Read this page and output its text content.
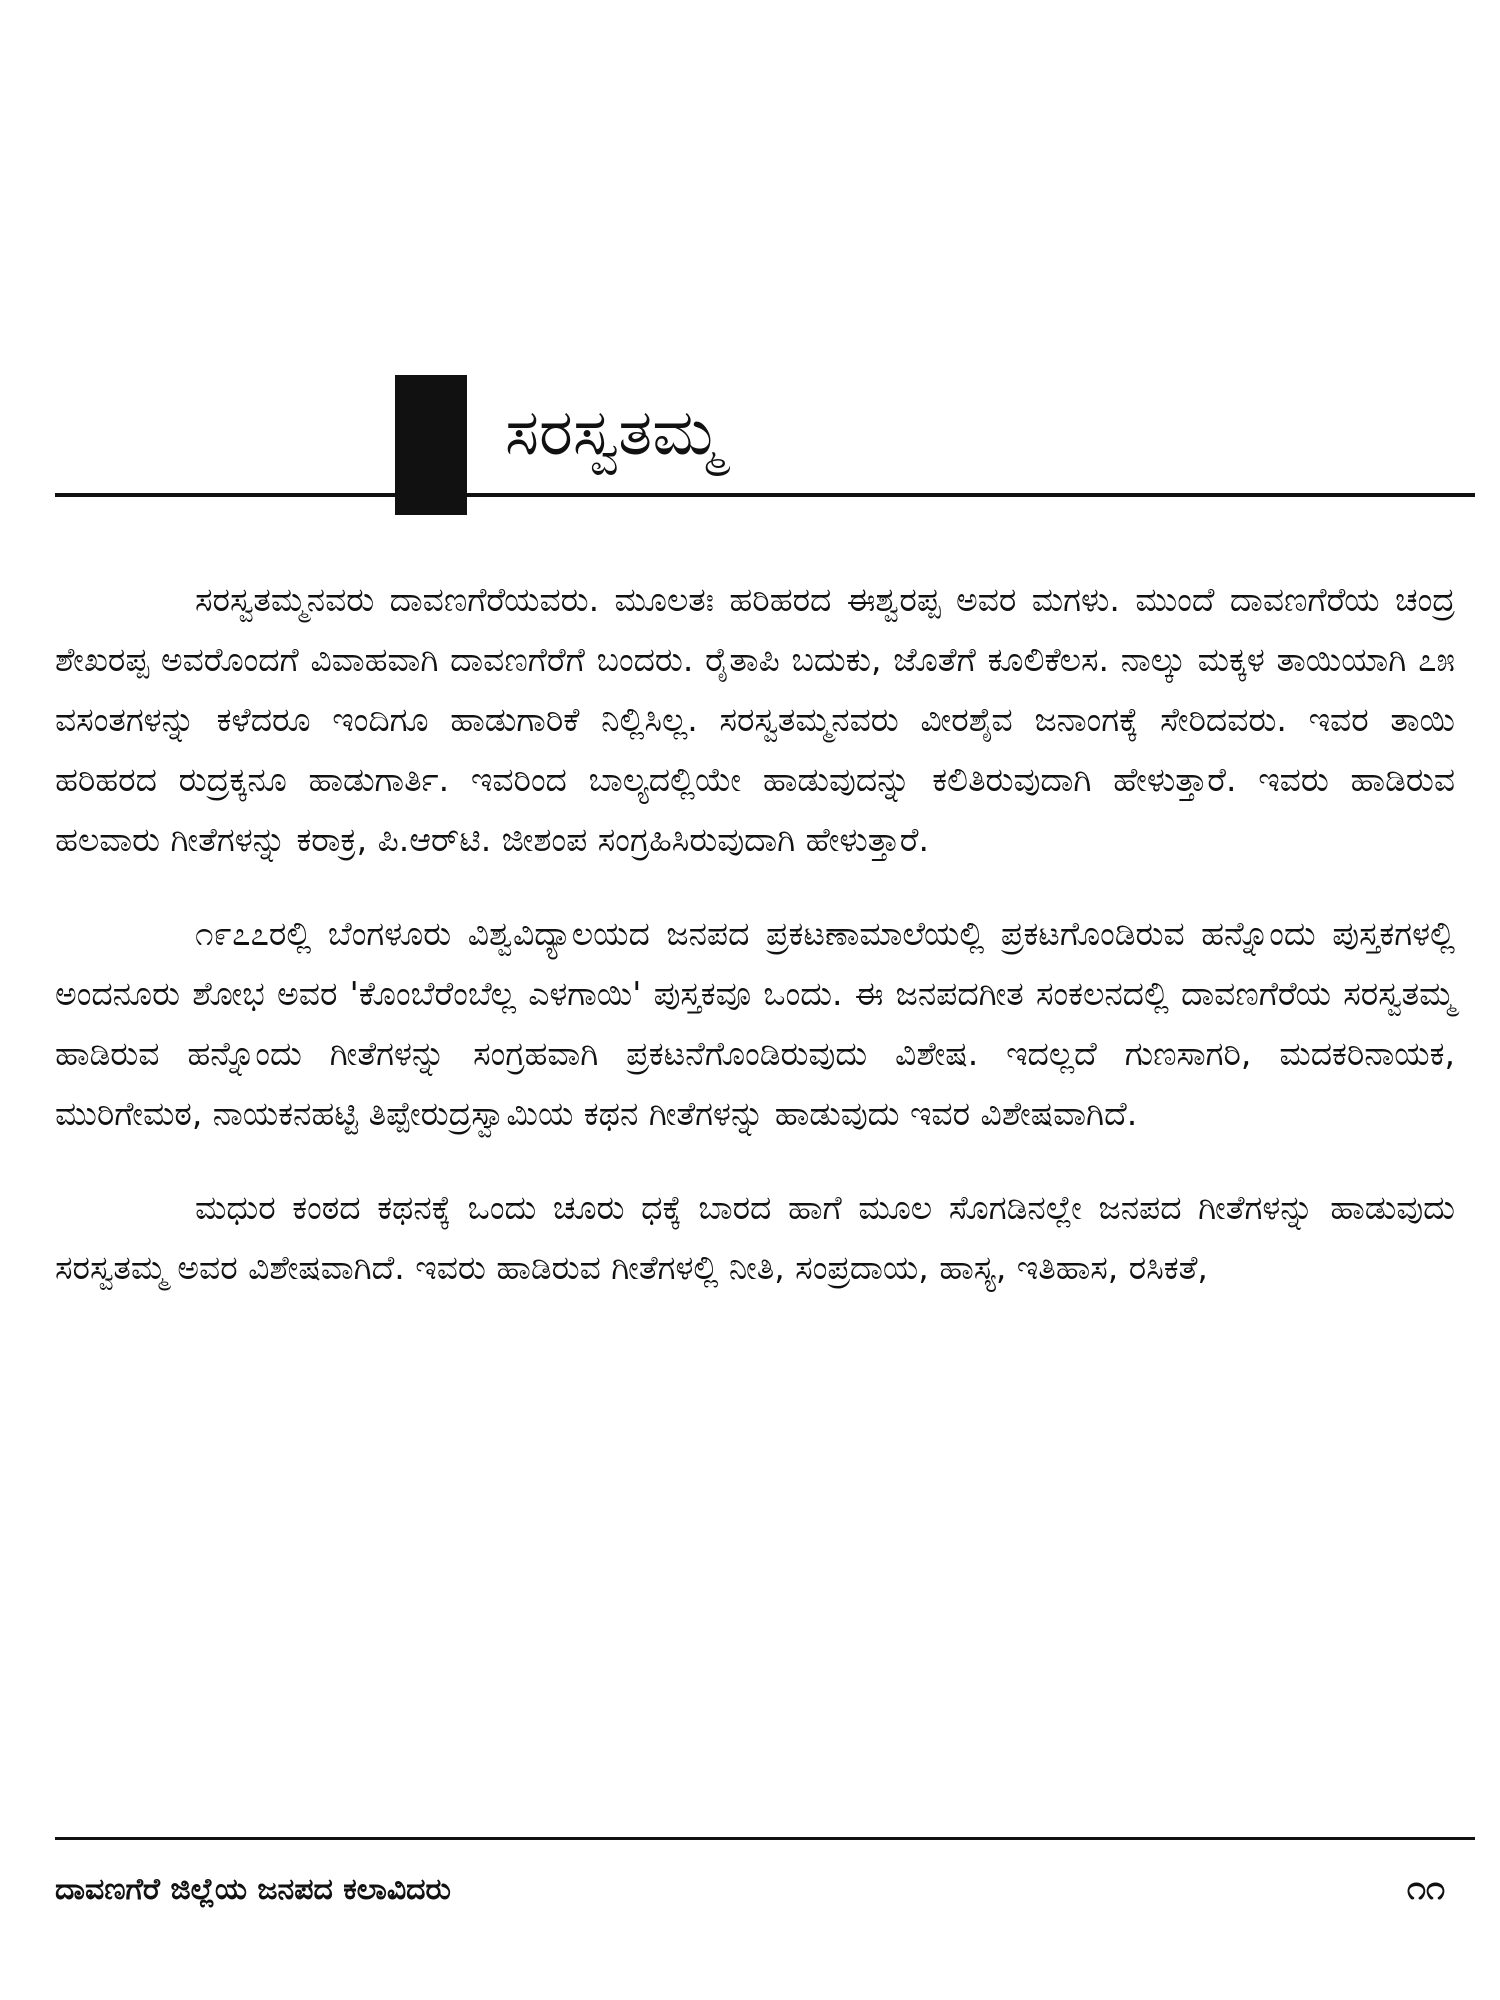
ಸರಸ್ವತಮ್ಮ

ಸರಸ್ವತಮ್ಮನವರು ದಾವಣಗೆರೆಯವರು. ಮೂಲತಃ ಹರಿಹರದ ಈಶ್ವರಪ್ಪ ಅವರ ಮಗಳು. ಮುಂದೆ ದಾವಣಗೆರೆಯ ಚಂದ್ರ ಶೇಖರಪ್ಪ ಅವರೊಂದಗೆ ವಿವಾಹವಾಗಿ ದಾವಣಗೆರೆಗೆ ಬಂದರು. ರೈತಾಪಿ ಬದುಕು, ಜೊತೆಗೆ ಕೂಲಿಕೆಲಸ. ನಾಲ್ಕು ಮಕ್ಕಳ ತಾಯಿಯಾಗಿ ೭೫ ವಸಂತಗಳನ್ನು ಕಳೆದರೂ ಇಂದಿಗೂ ಹಾಡುಗಾರಿಕೆ ನಿಲ್ಲಿಸಿಲ್ಲ. ಸರಸ್ವತಮ್ಮನವರು ವೀರಶೈವ ಜನಾಂಗಕ್ಕೆ ಸೇರಿದವರು. ಇವರ ತಾಯಿ ಹರಿಹರದ ರುದ್ರಕ್ಕನೂ ಹಾಡುಗಾರ್ತಿ. ಇವರಿಂದ ಬಾಲ್ಯದಲ್ಲಿಯೇ ಹಾಡುವುದನ್ನು ಕಲಿತಿರುವುದಾಗಿ ಹೇಳುತ್ತಾರೆ. ಇವರು ಹಾಡಿರುವ ಹಲವಾರು ಗೀತೆಗಳನ್ನು ಕರಾಕ್ರ, ಪಿ.ಆರ್‌ಟಿ. ಜೀಶಂಪ ಸಂಗ್ರಹಿಸಿರುವುದಾಗಿ ಹೇಳುತ್ತಾರೆ.

೧೯೭೭ರಲ್ಲಿ ಬೆಂಗಳೂರು ವಿಶ್ವವಿದ್ಯಾಲಯದ ಜನಪದ ಪ್ರಕಟಣಾಮಾಲೆಯಲ್ಲಿ ಪ್ರಕಟಗೊಂಡಿರುವ ಹನ್ನೊಂದು ಪುಸ್ತಕಗಳಲ್ಲಿ ಅಂದನೂರು ಶೋಭ ಅವರ 'ಕೊಂಬೆರೆಂಬೆಲ್ಲ ಎಳಗಾಯಿ' ಪುಸ್ತಕವೂ ಒಂದು. ಈ ಜನಪದಗೀತ ಸಂಕಲನದಲ್ಲಿ ದಾವಣಗೆರೆಯ ಸರಸ್ವತಮ್ಮ ಹಾಡಿರುವ ಹನ್ನೊಂದು ಗೀತೆಗಳನ್ನು ಸಂಗ್ರಹವಾಗಿ ಪ್ರಕಟನೆಗೊಂಡಿರುವುದು ವಿಶೇಷ. ಇದಲ್ಲದೆ ಗುಣಸಾಗರಿ, ಮದಕರಿನಾಯಕ, ಮುರಿಗೇಮಠ, ನಾಯಕನಹಟ್ಟಿ ತಿಪ್ಪೇರುದ್ರಸ್ವಾಮಿಯ ಕಥನ ಗೀತೆಗಳನ್ನು ಹಾಡುವುದು ಇವರ ವಿಶೇಷವಾಗಿದೆ.

ಮಧುರ ಕಂಠದ ಕಥನಕ್ಕೆ ಒಂದು ಚೂರು ಧಕ್ಕೆ ಬಾರದ ಹಾಗೆ ಮೂಲ ಸೊಗಡಿನಲ್ಲೇ ಜನಪದ ಗೀತೆಗಳನ್ನು ಹಾಡುವುದು ಸರಸ್ವತಮ್ಮ ಅವರ ವಿಶೇಷವಾಗಿದೆ. ಇವರು ಹಾಡಿರುವ ಗೀತೆಗಳಲ್ಲಿ ನೀತಿ, ಸಂಪ್ರದಾಯ, ಹಾಸ್ಯ, ಇತಿಹಾಸ, ರಸಿಕತೆ,

ದಾವಣಗೆರೆ ಜಿಲ್ಲೆಯ ಜನಪದ ಕಲಾವಿದರು	೧೧
